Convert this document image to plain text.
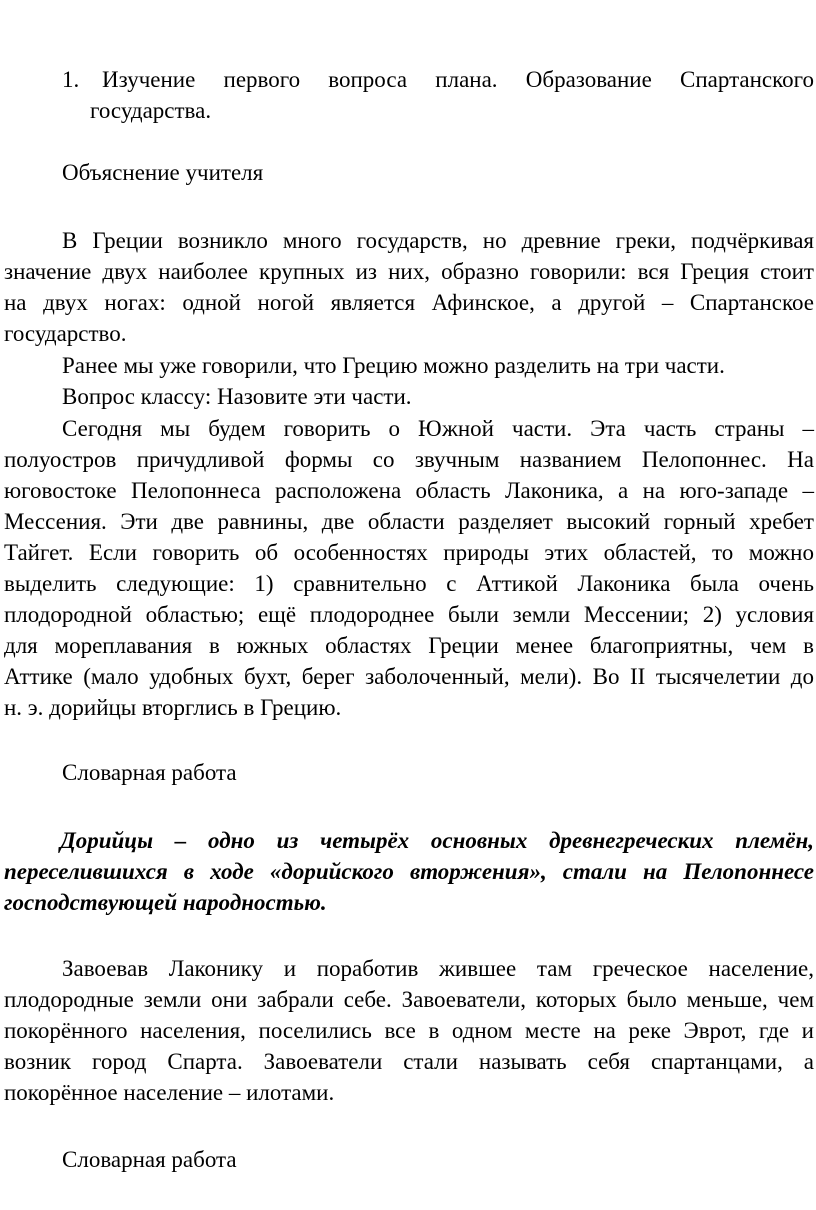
1. Изучение первого вопроса плана. Образование Спартанского
государства.
Объяснение учителя
В Греции возникло много государств, но древние греки, подчёркивая
значение двух наиболее крупных из них, образно говорили: вся Греция стоит
на двух ногах: одной ногой является Афинское, а другой – Спартанское
государство.
Ранее мы уже говорили, что Грецию можно разделить на три части.
Вопрос классу: Назовите эти части.
Сегодня мы будем говорить о Южной части. Эта часть страны –
полуостров причудливой формы со звучным названием Пелопоннес. На
юговостоке Пелопоннеса расположена область Лаконика, а на юго-западе –
Мессения. Эти две равнины, две области разделяет высокий горный хребет
Тайгет. Если говорить об особенностях природы этих областей, то можно
выделить следующие: 1) сравнительно с Аттикой Лаконика была очень
плодородной областью; ещё плодороднее были земли Мессении; 2) условия
для мореплавания в южных областях Греции менее благоприятны, чем в
Аттике (мало удобных бухт, берег заболоченный, мели). Во II тысячелетии до
н. э. дорийцы вторглись в Грецию.
Словарная работа
Дорийцы – одно из четырёх основных древнегреческих племён,
переселившихся в ходе «дорийского вторжения», стали на Пелопоннесе
господствующей народностью.
Завоевав Лаконику и поработив жившее там греческое население,
плодородные земли они забрали себе. Завоеватели, которых было меньше, чем
покорённого населения, поселились все в одном месте на реке Эврот, где и
возник город Спарта. Завоеватели стали называть себя спартанцами, а
покорённое население – илотами.
Словарная работа
